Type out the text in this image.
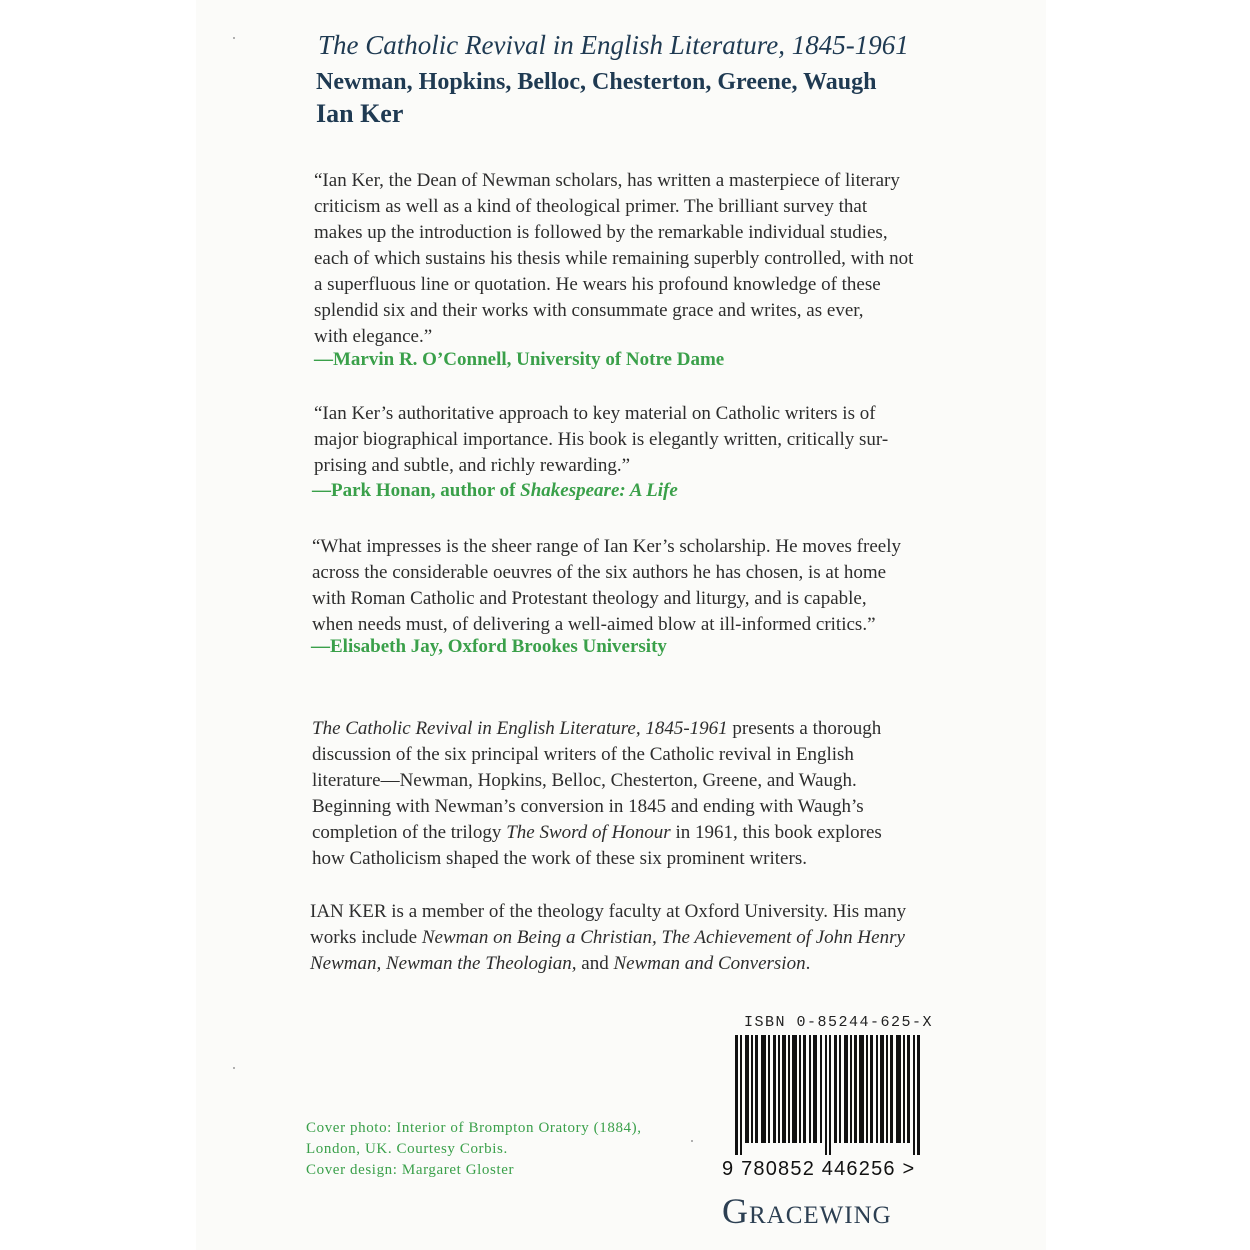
The Catholic Revival in English Literature, 1845-1961
Newman, Hopkins, Belloc, Chesterton, Greene, Waugh
Ian Ker
“Ian Ker, the Dean of Newman scholars, has written a masterpiece of literary
criticism as well as a kind of theological primer. The brilliant survey that
makes up the introduction is followed by the remarkable individual studies,
each of which sustains his thesis while remaining superbly controlled, with not
a superfluous line or quotation. He wears his profound knowledge of these
splendid six and their works with consummate grace and writes, as ever,
with elegance.”
—Marvin R. O’Connell, University of Notre Dame
“Ian Ker’s authoritative approach to key material on Catholic writers is of
major biographical importance. His book is elegantly written, critically sur-
prising and subtle, and richly rewarding.”
—Park Honan, author of Shakespeare: A Life
“What impresses is the sheer range of Ian Ker’s scholarship. He moves freely
across the considerable oeuvres of the six authors he has chosen, is at home
with Roman Catholic and Protestant theology and liturgy, and is capable,
when needs must, of delivering a well-aimed blow at ill-informed critics.”
—Elisabeth Jay, Oxford Brookes University
The Catholic Revival in English Literature, 1845-1961 presents a thorough
discussion of the six principal writers of the Catholic revival in English
literature—Newman, Hopkins, Belloc, Chesterton, Greene, and Waugh.
Beginning with Newman’s conversion in 1845 and ending with Waugh’s
completion of the trilogy The Sword of Honour in 1961, this book explores
how Catholicism shaped the work of these six prominent writers.
IAN KER is a member of the theology faculty at Oxford University. His many
works include Newman on Being a Christian, The Achievement of John Henry
Newman, Newman the Theologian, and Newman and Conversion.
Cover photo: Interior of Brompton Oratory (1884),
London, UK. Courtesy Corbis.
Cover design: Margaret Gloster
ISBN 0-85244-625-X
9 780852 446256 >
Gracewing
